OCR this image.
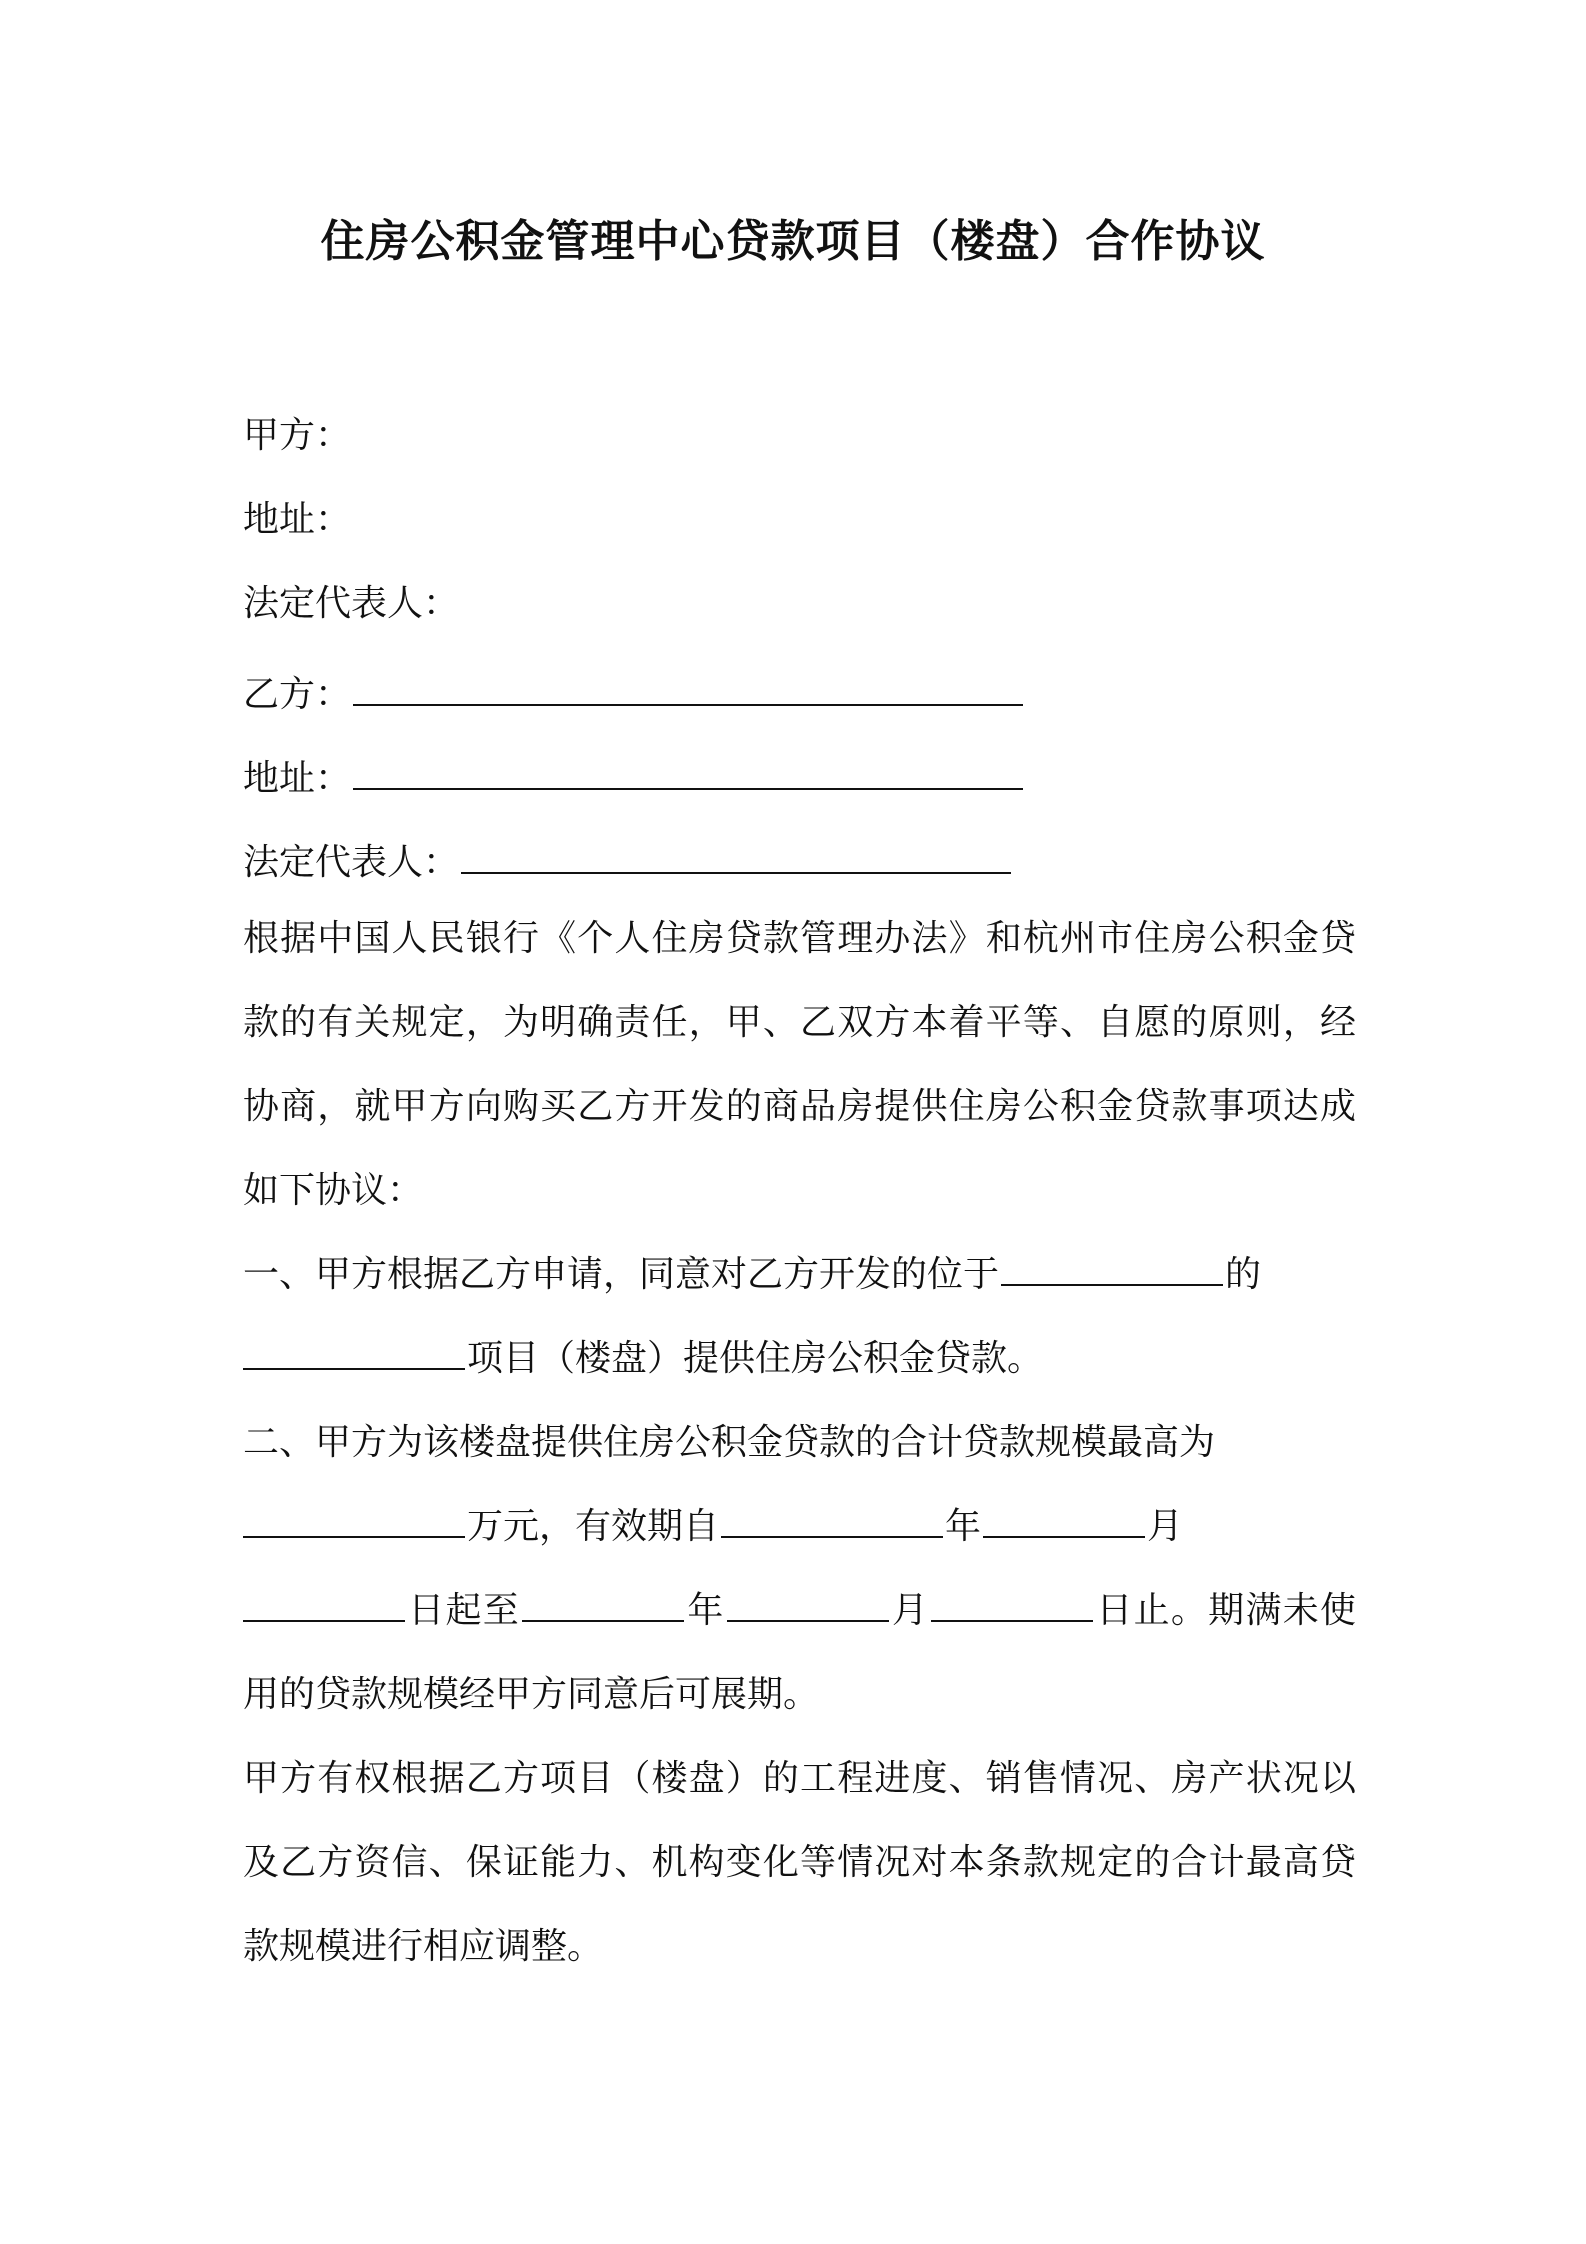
住房公积金管理中心贷款项目（楼盘）合作协议
甲方：
地址：
法定代表人：
乙方：
地址：
法定代表人：
根据中国人民银行《个人住房贷款管理办法》和杭州市住房公积金贷款的有关规定，为明确责任，甲、乙双方本着平等、自愿的原则，经协商，就甲方向购买乙方开发的商品房提供住房公积金贷款事项达成如下协议：
一、甲方根据乙方申请，同意对乙方开发的位于	的
项目（楼盘）提供住房公积金贷款。
二、甲方为该楼盘提供住房公积金贷款的合计贷款规模最高为
万元，有效期自	年	月
日起至	年	月	日止。期满未使用的贷款规模经甲方同意后可展期。
甲方有权根据乙方项目（楼盘）的工程进度、销售情况、房产状况以及乙方资信、保证能力、机构变化等情况对本条款规定的合计最高贷款规模进行相应调整。
